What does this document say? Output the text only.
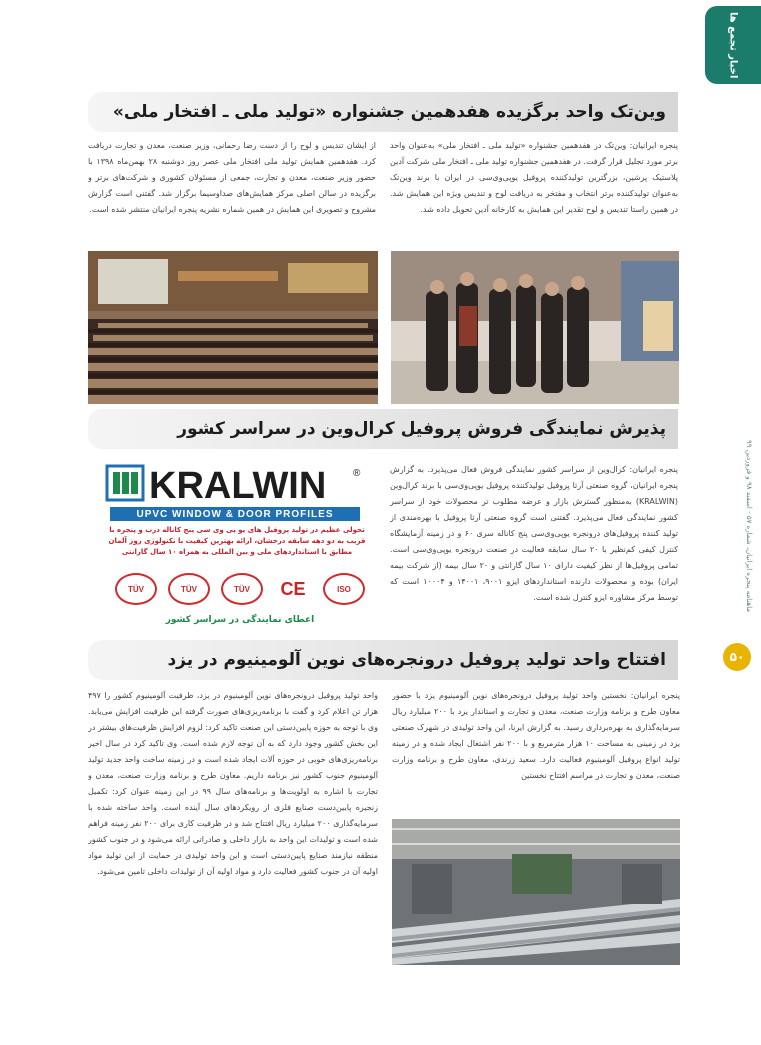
اخبار تجمع ها
ماهنامه پنجره ایرانیان، شماره ۵۷ - اسفند ۹۸ و فروردین ۹۹
۵۰
وین‌تک واحد برگزیده هفدهمین جشنواره «تولید ملی ـ افتخار ملی»
پنجره ایرانیان: وین‌تک در هفدهمین جشنواره «تولید ملی ـ افتخار ملی» به‌عنوان واحد برتر مورد تجلیل قرار گرفت. در هفدهمین جشنواره تولید ملی ـ افتخار ملی شرکت آدین پلاستیک پرشین، بزرگترین تولیدکننده پروفیل یو‌پی‌وی‌سی در ایران با برند وین‌تک به‌عنوان تولیدکننده برتر انتخاب و مفتخر به دریافت لوح و تندیس ویژه این همایش شد. در همین راستا تندیس و لوح تقدیر این همایش به کارخانه آدین تحویل داده شد.
از ایشان تندیس و لوح را از دست رضا رحمانی، وزیر صنعت، معدن و تجارت دریافت کرد. هفدهمین همایش تولید ملی افتخار ملی عصر روز دوشنبه ۲۸ بهمن‌ماه ۱۳۹۸ با حضور وزیر صنعت، معدن و تجارت، جمعی از مسئولان کشوری و شرکت‌های برتر و برگزیده در سالن اصلی مرکز همایش‌های صداوسیما برگزار شد. گفتنی است گزارش مشروح و تصویری این همایش در همین شماره نشریه پنجره ایرانیان منتشر شده است.
پذیرش نمایندگی فروش پروفیل کرال‌وین در سراسر کشور
پنجره ایرانیان: کرال‌وین از سراسر کشور نمایندگی فروش فعال می‌پذیرد. به گزارش پنجره ایرانیان، گروه صنعتی آرتا پروفیل تولیدکننده پروفیل یو‌پی‌وی‌سی با برند کرال‌وین (KRALWIN) به‌منظور گسترش بازار و عرضه مطلوب تر محصولات خود از سراسر کشور نمایندگی فعال می‌پذیرد. گفتنی است گروه صنعتی آرتا پروفیل با بهره‌مندی از تولید کننده پروفیل‌های درونجره یو‌پی‌وی‌سی پنج کاناله سری ۶۰ و در زمینه آزمایشگاه کنترل کیفی کم‌نظیر با ۲۰ سال سابقه فعالیت در صنعت درونجره یو‌پی‌وی‌سی است. تمامی پروفیل‌ها از نظر کیفیت دارای ۱۰ سال گارانتی و ۲۰ سال بیمه (از شرکت بیمه ایران) بوده و محصولات دارنده استانداردهای ایزو ۹۰۰۱، ۱۴۰۰۱ و ۱۰۰۰۴ است که توسط مرکز مشاوره ایزو کنترل شده است.
KRALWIN	®
UPVC WINDOW & DOOR PROFILES
تحولی عظیم در تولید پروفیل های یو پی وی سی پنج کاناله درب و پنجره با قریب به دو دهه سابقه درخشان، ارائه بهترین کیفیت با تکنولوژی روز آلمان مطابق با استانداردهای ملی و بین المللی به همراه ۱۰ سال گارانتی
TÜV	TÜV	TÜV	CE	ISO
اعطای نمایندگی در سراسر کشور
افتتاح واحد تولید پروفیل درونجره‌های نوین آلومینیوم در یزد
پنجره ایرانیان: نخستین واحد تولید پروفیل درونجره‌های نوین آلومینیوم یزد با حضور معاون طرح و برنامه وزارت صنعت، معدن و تجارت و استاندار یزد با ۲۰۰ میلیارد ریال سرمایه‌گذاری به بهره‌برداری رسید. به گزارش ایرنا، این واحد تولیدی در شهرک صنعتی یزد در زمینی به مساحت ۱۰ هزار مترمربع و با ۲۰۰ نفر اشتغال ایجاد شده و در زمینه تولید انواع پروفیل آلومینیوم فعالیت دارد. سعید زرندی، معاون طرح و برنامه وزارت صنعت، معدن و تجارت در مراسم افتتاح نخستین
واحد تولید پروفیل درونجره‌های نوین آلومینیوم در یزد، ظرفیت آلومینیوم کشور را ۴۹۷ هزار تن اعلام کرد و گفت با برنامه‌ریزی‌های صورت گرفته این ظرفیت افزایش می‌یابد. وی با توجه به حوزه پایین‌دستی این صنعت تاکید کرد: لزوم افزایش ظرفیت‌های بیشتر در این بخش کشور وجود دارد که به آن توجه لازم شده است. وی تاکید کرد در سال اخیر برنامه‌ریزی‌های خوبی در حوزه آلات ایجاد شده است و در زمینه ساخت واحد جدید تولید آلومینیوم جنوب کشور نیز برنامه داریم. معاون طرح و برنامه وزارت صنعت، معدن و تجارت با اشاره به اولویت‌ها و برنامه‌های سال ۹۹ در این زمینه عنوان کرد: تکمیل زنجیره پایین‌دست صنایع فلزی از رویکردهای سال آینده است. واحد ساخته شده با سرمایه‌گذاری ۲۰۰ میلیارد ریال افتتاح شد و در ظرفیت کاری برای ۲۰۰ نفر زمینه فراهم شده است و تولیدات این واحد به بازار داخلی و صادراتی ارائه می‌شود و در جنوب کشور منطقه نیازمند صنایع پایین‌دستی است و این واحد تولیدی در حمایت از این تولید مواد اولیه آن در جنوب کشور فعالیت دارد و مواد اولیه آن از تولیدات داخلی تامین می‌شود.
